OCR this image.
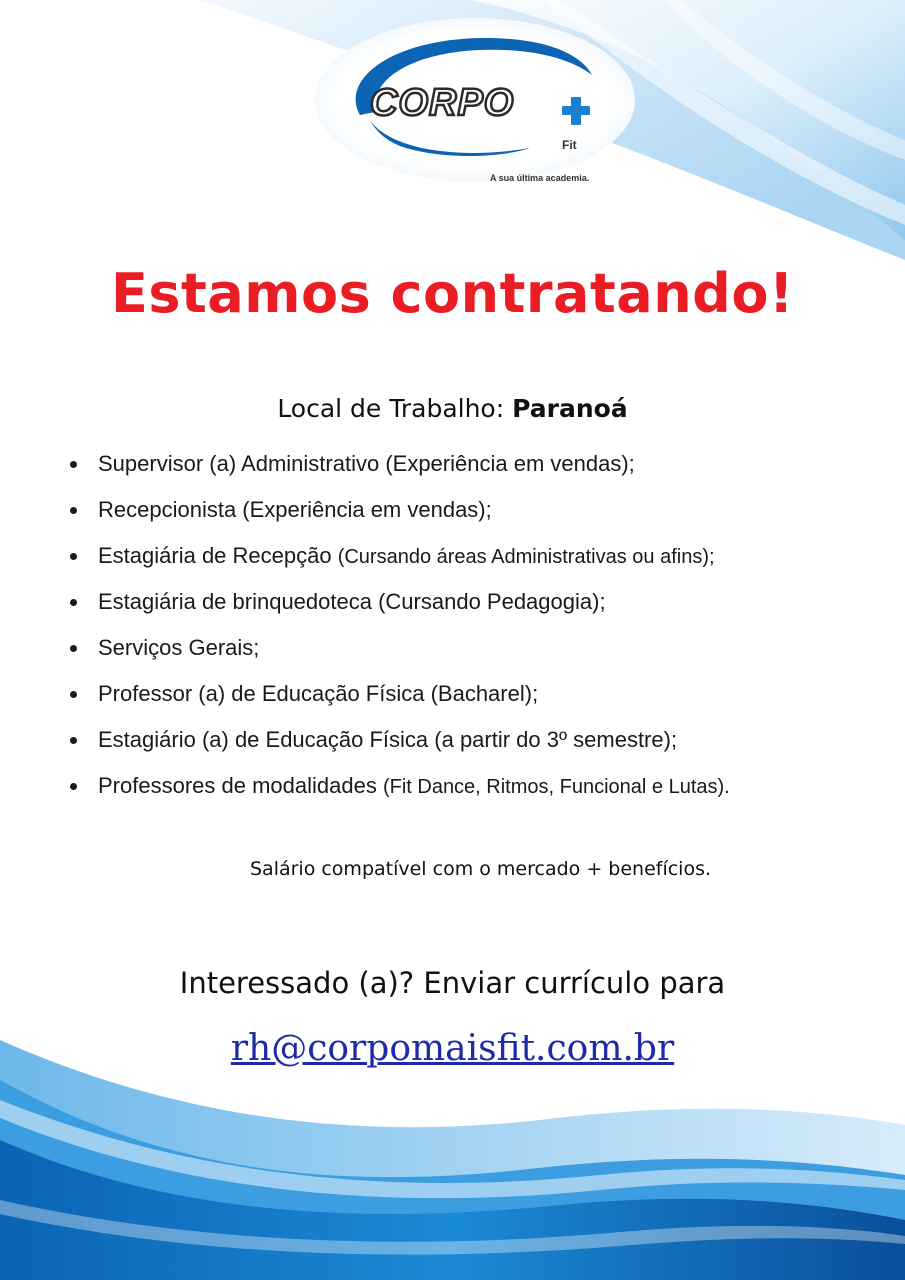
CORPO
Fit
A sua última academia.
Estamos contratando!
Local de Trabalho: Paranoá
Supervisor (a) Administrativo (Experiência em vendas);
Recepcionista (Experiência em vendas);
Estagiária de Recepção (Cursando áreas Administrativas ou afins);
Estagiária de brinquedoteca (Cursando Pedagogia);
Serviços Gerais;
Professor (a) de Educação Física (Bacharel);
Estagiário (a) de Educação Física (a partir do 3º semestre);
Professores de modalidades (Fit Dance, Ritmos, Funcional e Lutas).
Salário compatível com o mercado + benefícios.
Interessado (a)? Enviar currículo para
rh@corpomaisfit.com.br
